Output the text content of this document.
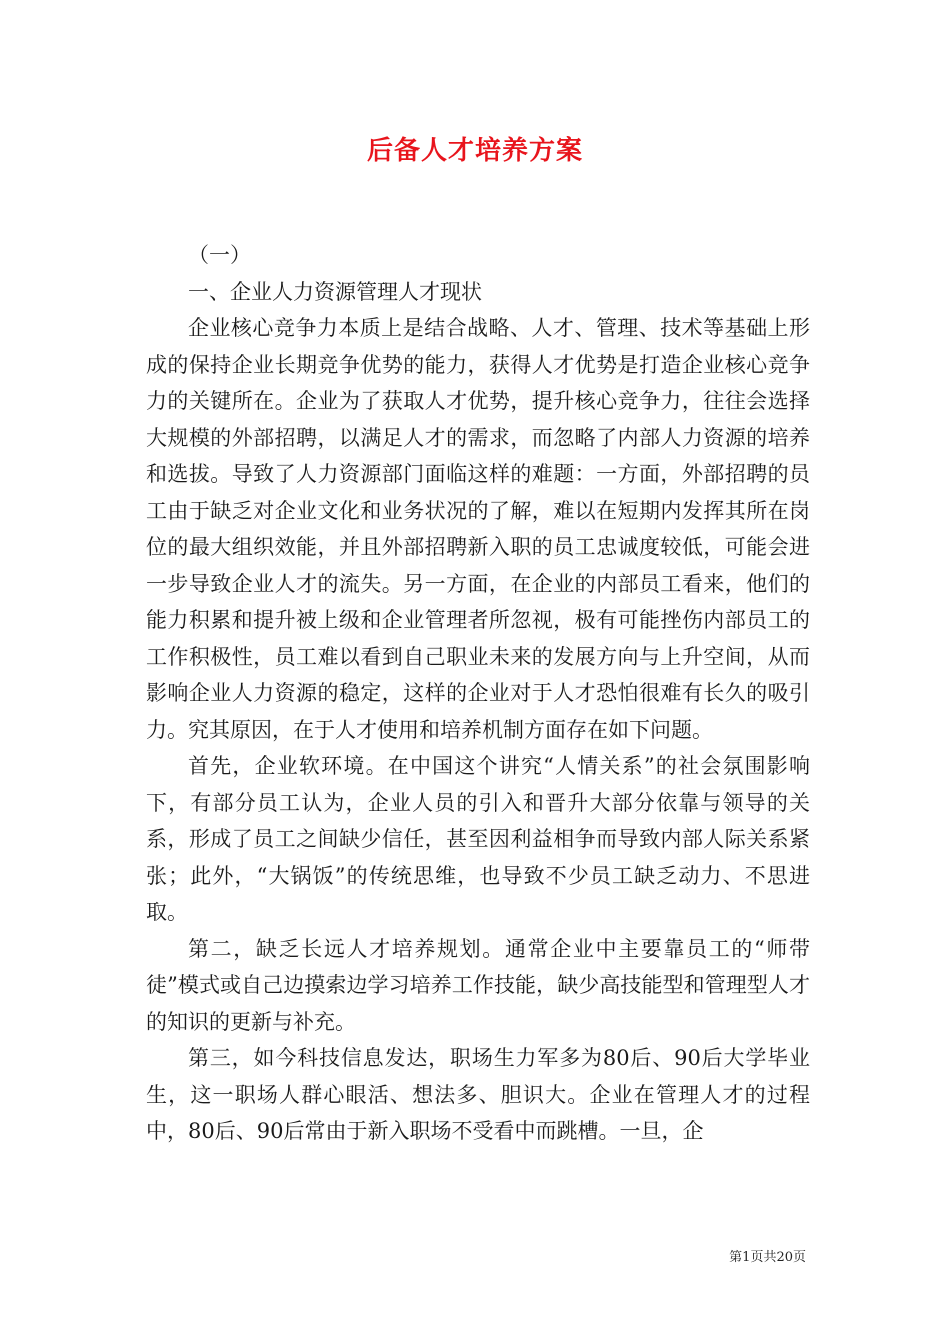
后备人才培养方案

（一）

一、企业人力资源管理人才现状

企业核心竞争力本质上是结合战略、人才、管理、技术等基础上形成的保持企业长期竞争优势的能力，获得人才优势是打造企业核心竞争力的关键所在。企业为了获取人才优势，提升核心竞争力，往往会选择大规模的外部招聘，以满足人才的需求，而忽略了内部人力资源的培养和选拔。导致了人力资源部门面临这样的难题：一方面，外部招聘的员工由于缺乏对企业文化和业务状况的了解，难以在短期内发挥其所在岗位的最大组织效能，并且外部招聘新入职的员工忠诚度较低，可能会进一步导致企业人才的流失。另一方面，在企业的内部员工看来，他们的能力积累和提升被上级和企业管理者所忽视，极有可能挫伤内部员工的工作积极性，员工难以看到自己职业未来的发展方向与上升空间，从而影响企业人力资源的稳定，这样的企业对于人才恐怕很难有长久的吸引力。究其原因，在于人才使用和培养机制方面存在如下问题。

首先，企业软环境。在中国这个讲究“人情关系”的社会氛围影响下，有部分员工认为，企业人员的引入和晋升大部分依靠与领导的关系，形成了员工之间缺少信任，甚至因利益相争而导致内部人际关系紧张；此外，“大锅饭”的传统思维，也导致不少员工缺乏动力、不思进取。

第二，缺乏长远人才培养规划。通常企业中主要靠员工的“师带徒”模式或自己边摸索边学习培养工作技能，缺少高技能型和管理型人才的知识的更新与补充。

第三，如今科技信息发达，职场生力军多为80后、90后大学毕业生，这一职场人群心眼活、想法多、胆识大。企业在管理人才的过程中，80后、90后常由于新入职场不受看中而跳槽。一旦，企

第1页共20页
